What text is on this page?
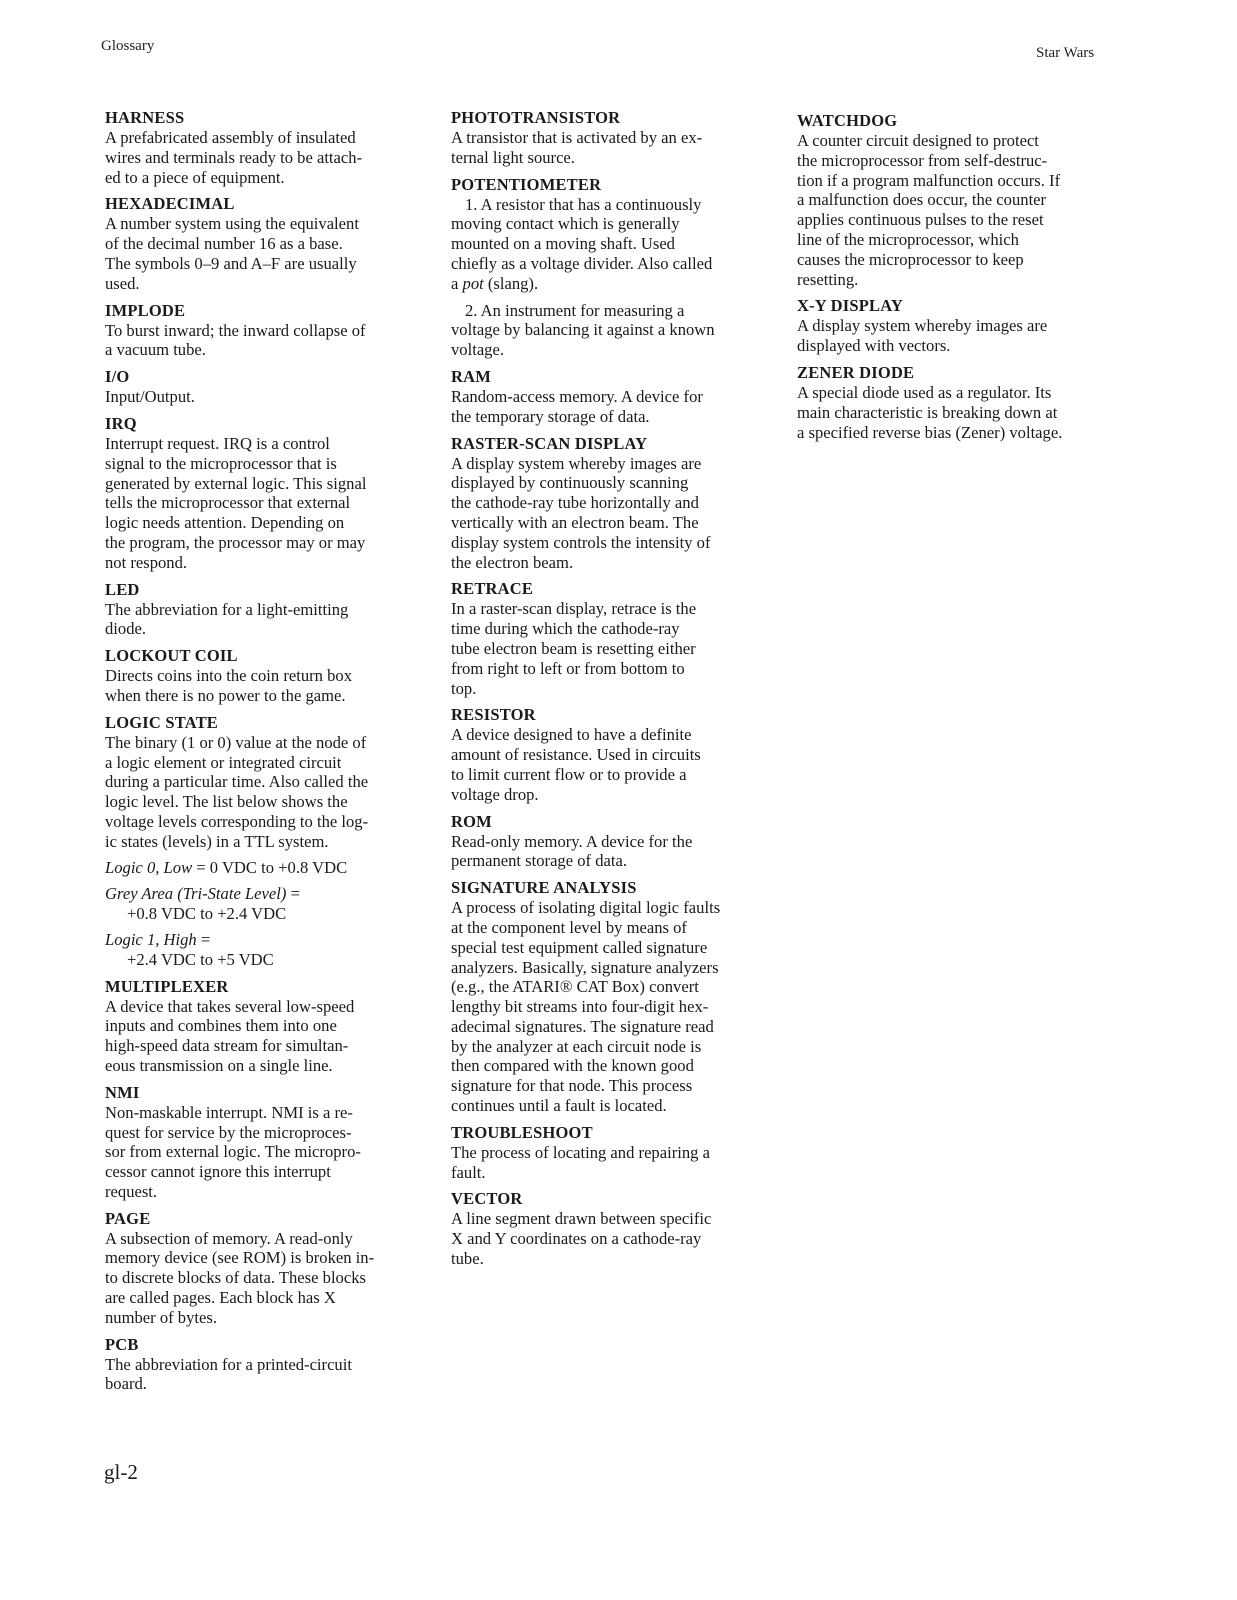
Glossary	Star Wars

HARNESS

A prefabricated assembly of insulated
wires and terminals ready to be attach-
ed to a piece of equipment.

HEXADECIMAL

A number system using the equivalent
of the decimal number 16 as a base.
The symbols 0–9 and A–F are usually
used.

IMPLODE

To burst inward; the inward collapse of
a vacuum tube.

I/O

Input/Output.

IRQ

Interrupt request. IRQ is a control
signal to the microprocessor that is
generated by external logic. This signal
tells the microprocessor that external
logic needs attention. Depending on
the program, the processor may or may
not respond.

LED

The abbreviation for a light-emitting
diode.

LOCKOUT COIL

Directs coins into the coin return box
when there is no power to the game.

LOGIC STATE

The binary (1 or 0) value at the node of
a logic element or integrated circuit
during a particular time. Also called the
logic level. The list below shows the
voltage levels corresponding to the log-
ic states (levels) in a TTL system.

Logic 0, Low = 0 VDC to +0.8 VDC

Grey Area (Tri-State Level) =
+0.8 VDC to +2.4 VDC

Logic 1, High =
+2.4 VDC to +5 VDC

MULTIPLEXER

A device that takes several low-speed
inputs and combines them into one
high-speed data stream for simultan-
eous transmission on a single line.

NMI

Non-maskable interrupt. NMI is a re-
quest for service by the microproces-
sor from external logic. The micropro-
cessor cannot ignore this interrupt
request.

PAGE

A subsection of memory. A read-only
memory device (see ROM) is broken in-
to discrete blocks of data. These blocks
are called pages. Each block has X
number of bytes.

PCB

The abbreviation for a printed-circuit
board.

PHOTOTRANSISTOR

A transistor that is activated by an ex-
ternal light source.

POTENTIOMETER

1. A resistor that has a continuously
moving contact which is generally
mounted on a moving shaft. Used
chiefly as a voltage divider. Also called
a pot (slang).

2. An instrument for measuring a
voltage by balancing it against a known
voltage.

RAM

Random-access memory. A device for
the temporary storage of data.

RASTER-SCAN DISPLAY

A display system whereby images are
displayed by continuously scanning
the cathode-ray tube horizontally and
vertically with an electron beam. The
display system controls the intensity of
the electron beam.

RETRACE

In a raster-scan display, retrace is the
time during which the cathode-ray
tube electron beam is resetting either
from right to left or from bottom to
top.

RESISTOR

A device designed to have a definite
amount of resistance. Used in circuits
to limit current flow or to provide a
voltage drop.

ROM

Read-only memory. A device for the
permanent storage of data.

SIGNATURE ANALYSIS

A process of isolating digital logic faults
at the component level by means of
special test equipment called signature
analyzers. Basically, signature analyzers
(e.g., the ATARI® CAT Box) convert
lengthy bit streams into four-digit hex-
adecimal signatures. The signature read
by the analyzer at each circuit node is
then compared with the known good
signature for that node. This process
continues until a fault is located.

TROUBLESHOOT

The process of locating and repairing a
fault.

VECTOR

A line segment drawn between specific
X and Y coordinates on a cathode-ray
tube.

WATCHDOG

A counter circuit designed to protect
the microprocessor from self-destruc-
tion if a program malfunction occurs. If
a malfunction does occur, the counter
applies continuous pulses to the reset
line of the microprocessor, which
causes the microprocessor to keep
resetting.

X-Y DISPLAY

A display system whereby images are
displayed with vectors.

ZENER DIODE

A special diode used as a regulator. Its
main characteristic is breaking down at
a specified reverse bias (Zener) voltage.

gl-2
